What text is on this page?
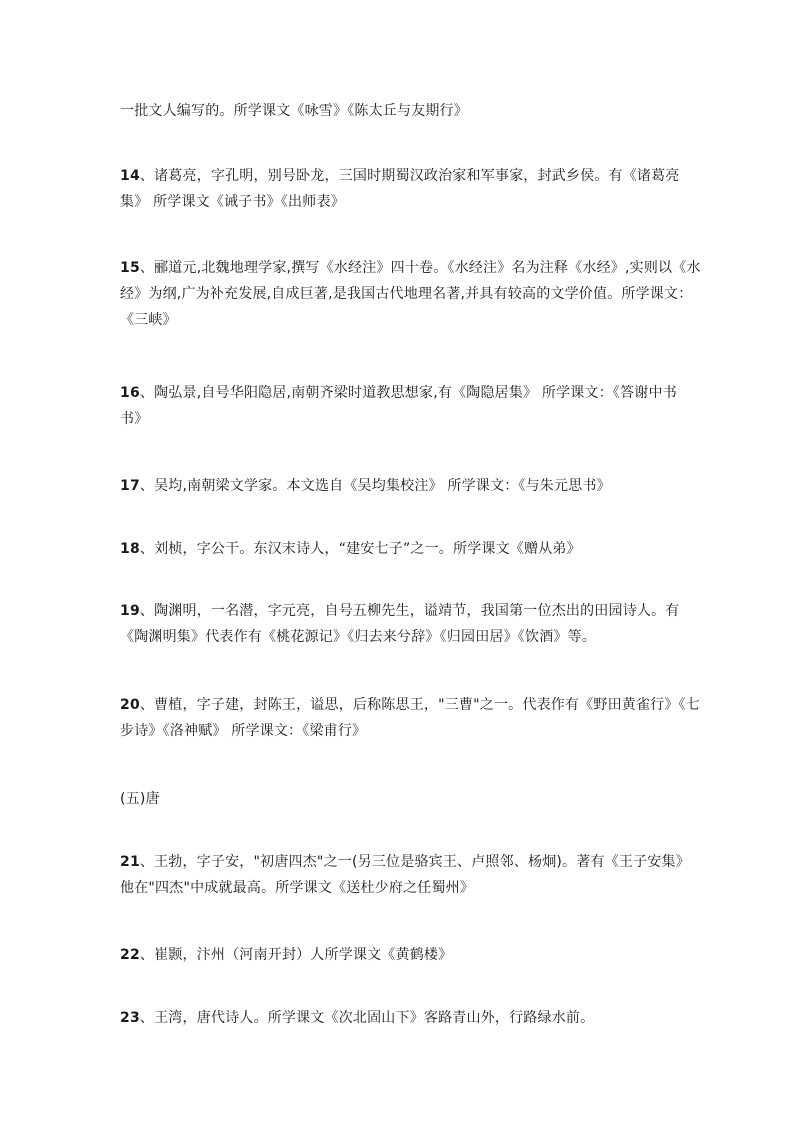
一批文人编写的。所学课文《咏雪》《陈太丘与友期行》
14、诸葛亮，字孔明，别号卧龙，三国时期蜀汉政治家和军事家，封武乡侯。有《诸葛亮
集》 所学课文《诫子书》《出师表》
15、郦道元,北魏地理学家,撰写《水经注》四十卷。《水经注》名为注释《水经》,实则以《水
经》为纲,广为补充发展,自成巨著,是我国古代地理名著,并具有较高的文学价值。所学课文：
《三峡》
16、陶弘景,自号华阳隐居,南朝齐梁时道教思想家,有《陶隐居集》 所学课文：《答谢中书
书》
17、吴均,南朝梁文学家。本文选自《吴均集校注》 所学课文：《与朱元思书》
18、刘桢，字公干。东汉末诗人，“建安七子”之一。所学课文《赠从弟》
19、陶渊明，一名潜，字元亮，自号五柳先生，谥靖节，我国第一位杰出的田园诗人。有
《陶渊明集》代表作有《桃花源记》《归去来兮辞》《归园田居》《饮酒》等。
20、曹植，字子建，封陈王，谥思，后称陈思王，"三曹"之一。代表作有《野田黄雀行》《七
步诗》《洛神赋》 所学课文：《梁甫行》
(五)唐
21、王勃，字子安，"初唐四杰"之一(另三位是骆宾王、卢照邻、杨炯)。著有《王子安集》
他在"四杰"中成就最高。所学课文《送杜少府之任蜀州》
22、崔颢，汴州（河南开封）人所学课文《黄鹤楼》
23、王湾，唐代诗人。所学课文《次北固山下》客路青山外，行路绿水前。
